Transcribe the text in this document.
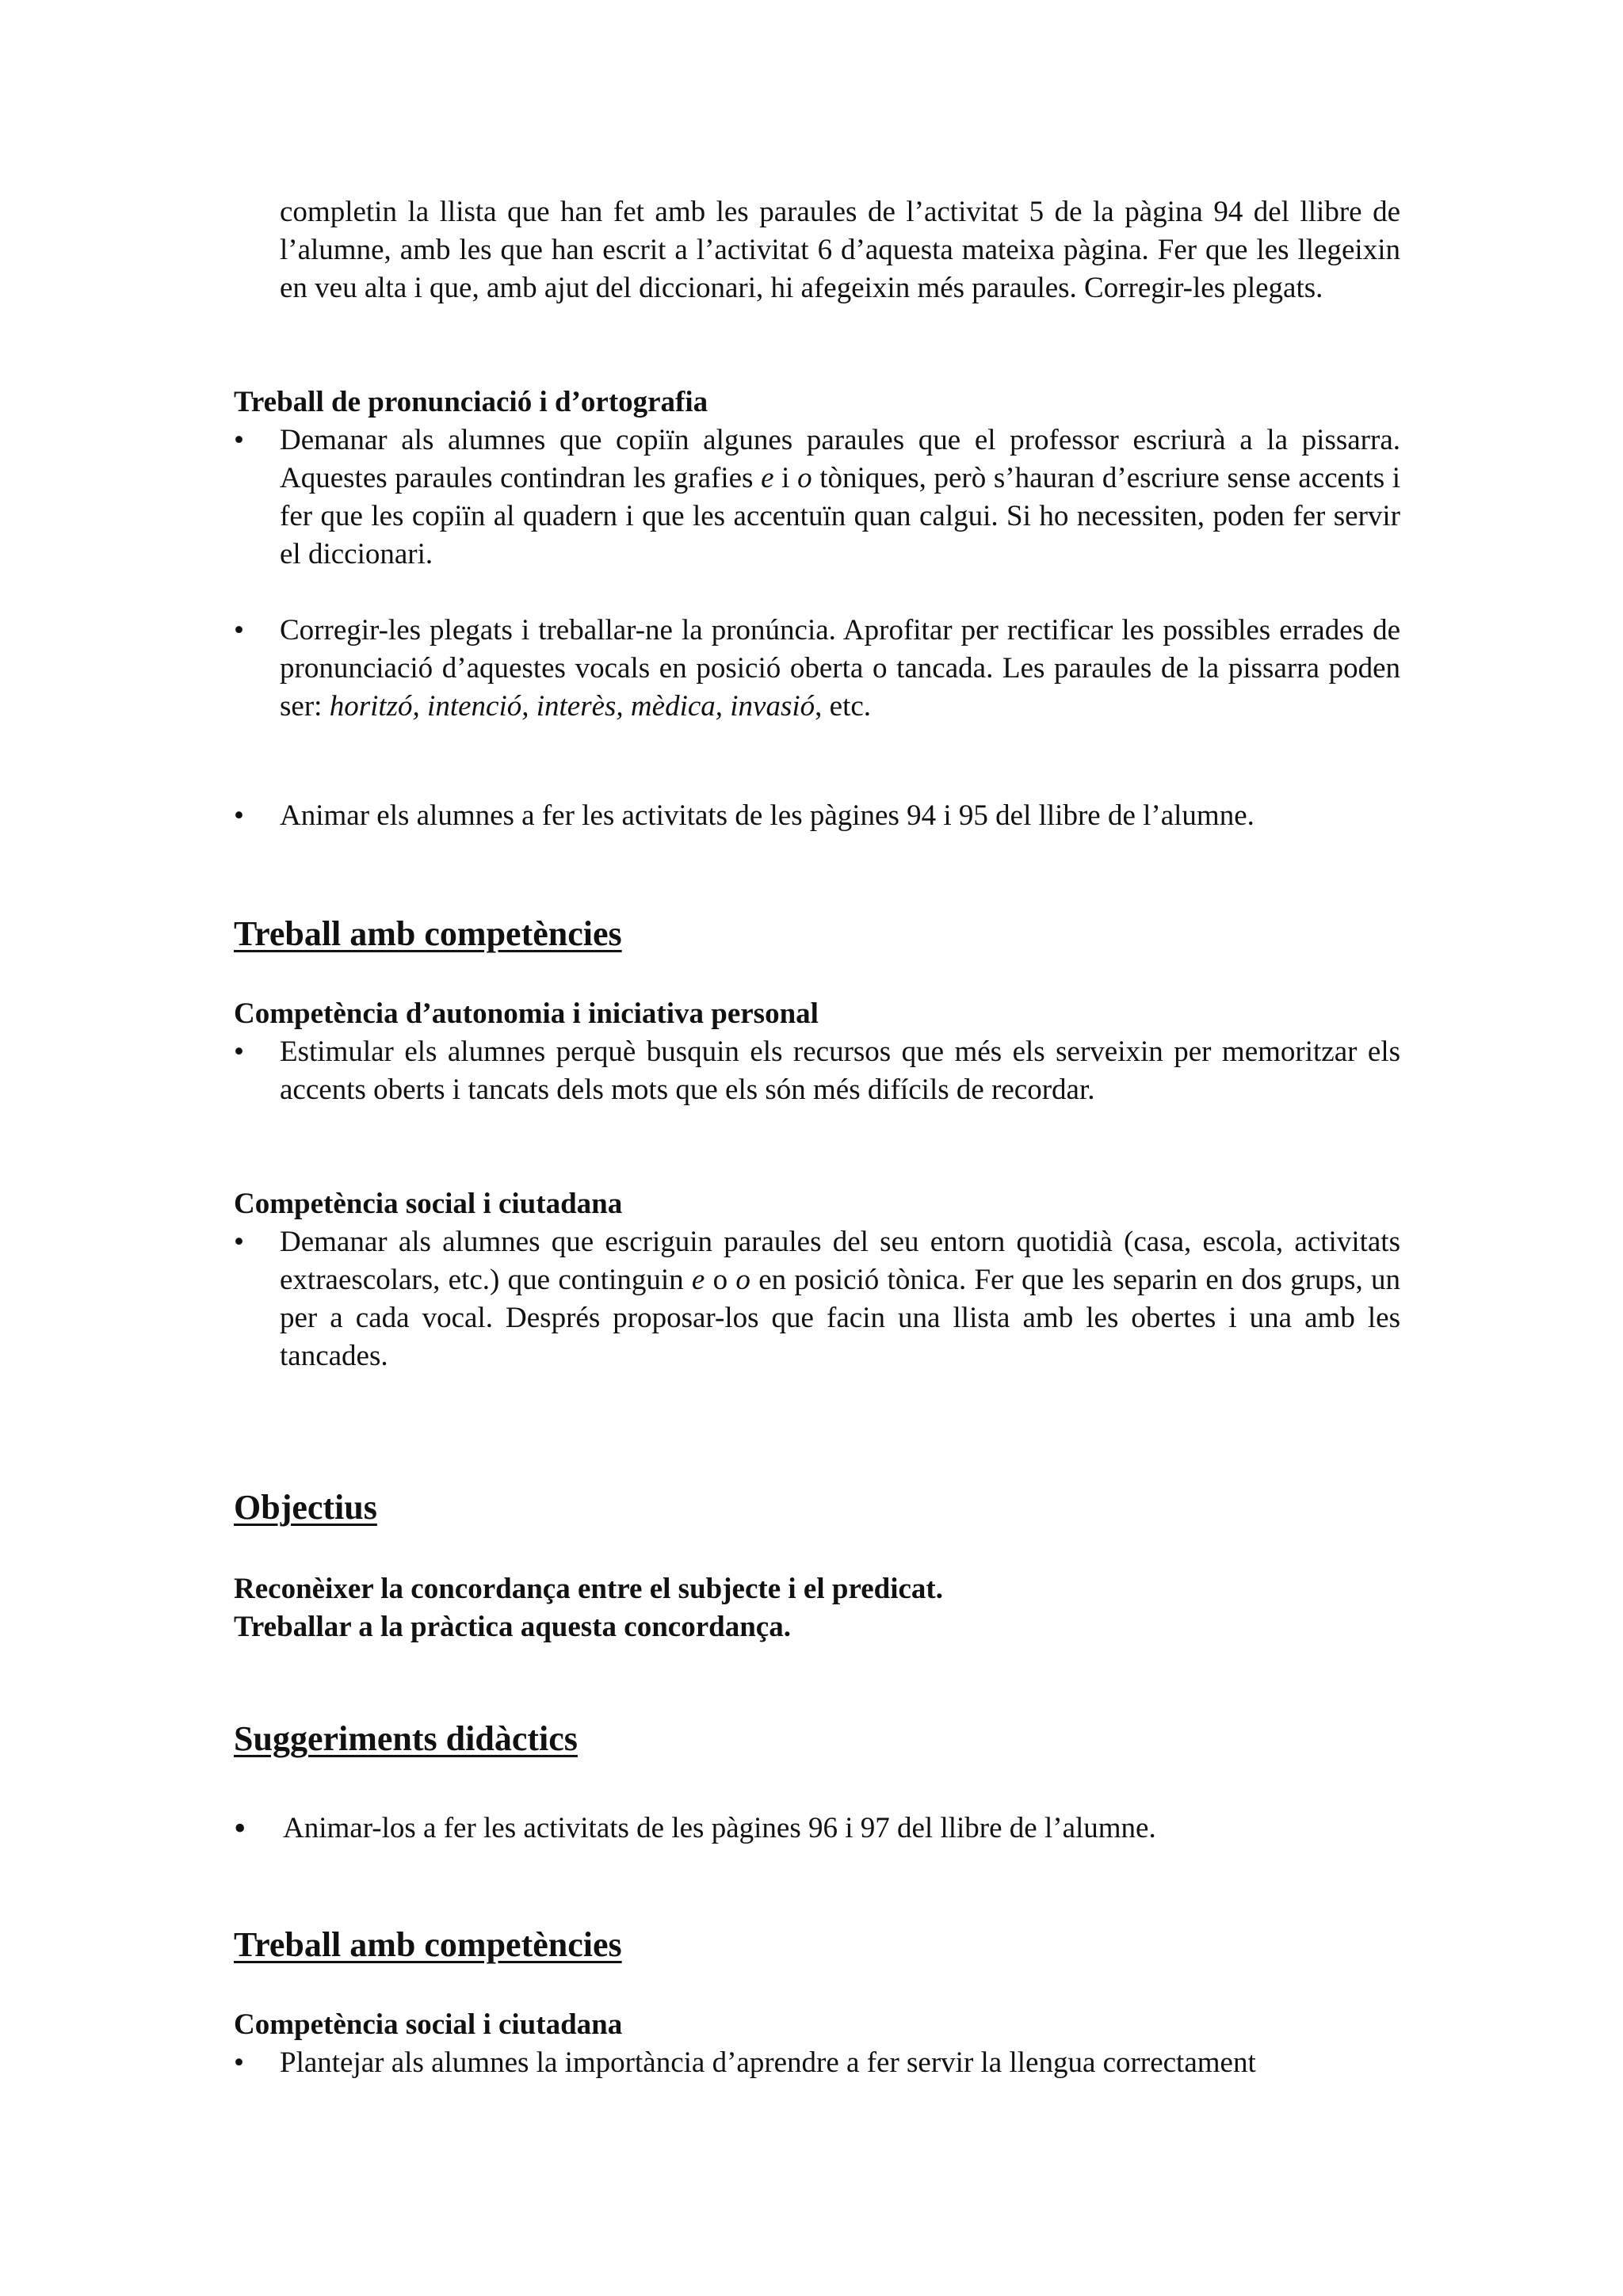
completin la llista que han fet amb les paraules de l’activitat 5 de la pàgina 94 del llibre de l’alumne, amb les que han escrit a l’activitat 6 d’aquesta mateixa pàgina. Fer que les llegeixin en veu alta i que, amb ajut del diccionari, hi afegeixin més paraules. Corregir-les plegats.

Treball de pronunciació i d’ortografia

•	Demanar als alumnes que copiïn algunes paraules que el professor escriurà a la pissarra. Aquestes paraules contindran les grafies e i o tòniques, però s’hauran d’escriure sense accents i fer que les copiïn al quadern i que les accentuïn quan calgui. Si ho necessiten, poden fer servir el diccionari.

•	Corregir-les plegats i treballar-ne la pronúncia. Aprofitar per rectificar les possibles errades de pronunciació d’aquestes vocals en posició oberta o tancada. Les paraules de la pissarra poden ser: horitzó, intenció, interès, mèdica, invasió, etc.

•	Animar els alumnes a fer les activitats de les pàgines 94 i 95 del llibre de l’alumne.

Treball amb competències

Competència d’autonomia i iniciativa personal

•	Estimular els alumnes perquè busquin els recursos que més els serveixin per memoritzar els accents oberts i tancats dels mots que els són més difícils de recordar.

Competència social i ciutadana

•	Demanar als alumnes que escriguin paraules del seu entorn quotidià (casa, escola, activitats extraescolars, etc.) que continguin e o o en posició tònica. Fer que les separin en dos grups, un per a cada vocal. Després proposar-los que facin una llista amb les obertes i una amb les tancades.

Objectius

Reconèixer la concordança entre el subjecte i el predicat.

Treballar a la pràctica aquesta concordança.

Suggeriments didàctics

•	Animar-los a fer les activitats de les pàgines 96 i 97 del llibre de l’alumne.

Treball amb competències

Competència social i ciutadana

•	Plantejar als alumnes la importància d’aprendre a fer servir la llengua correctament
